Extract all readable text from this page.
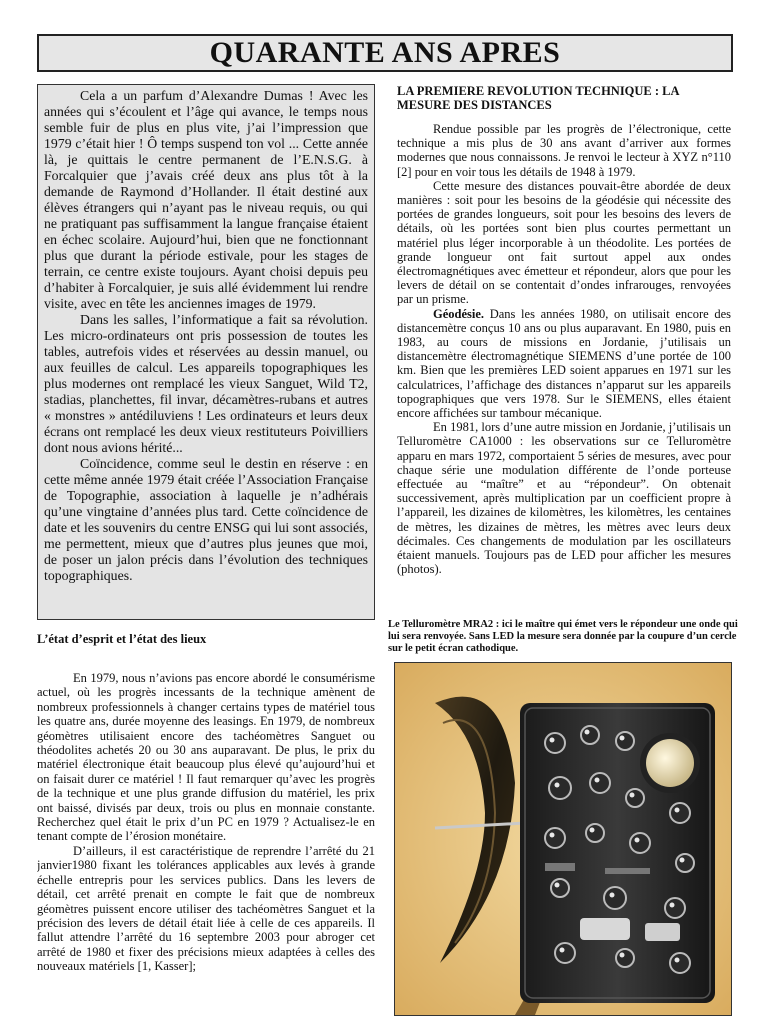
QUARANTE ANS APRES

Cela a un parfum d’Alexandre Dumas ! Avec les années qui s’écoulent et l’âge qui avance, le temps nous semble fuir de plus en plus vite, j’ai l’impression que 1979 c’était hier ! Ô temps suspend ton vol ... Cette année là, je quittais le centre permanent de l’E.N.S.G. à Forcalquier que j’avais créé deux ans plus tôt à la demande de Raymond d’Hollander. Il était destiné aux élèves étrangers qui n’ayant pas le niveau requis, ou qui ne pratiquant pas suffisamment la langue française étaient en échec scolaire. Aujourd’hui, bien que ne fonctionnant plus que durant la période estivale, pour les stages de terrain, ce centre existe toujours. Ayant choisi depuis peu d’habiter à Forcalquier, je suis allé évidemment lui rendre visite, avec en tête les anciennes images de 1979.

Dans les salles, l’informatique a fait sa révolution. Les micro-ordinateurs ont pris possession de toutes les tables, autrefois vides et réservées au dessin manuel, ou aux feuilles de calcul. Les appareils topographiques les plus modernes ont remplacé les vieux Sanguet, Wild T2, stadias, planchettes, fil invar, décamètres-rubans et autres « monstres » antédiluviens ! Les ordinateurs et leurs deux écrans ont remplacé les deux vieux restituteurs Poivilliers dont nous avions hérité...

Coïncidence, comme seul le destin en réserve : en cette même année 1979 était créée l’Association Française de Topographie, association à laquelle je n’adhérais qu’une vingtaine d’années plus tard. Cette coïncidence de date et les souvenirs du centre ENSG qui lui sont associés, me permettent, mieux que d’autres plus jeunes que moi, de poser un jalon précis dans l’évolution des techniques topographiques.

L’état d’esprit et l’état des lieux

En 1979, nous n’avions pas encore abordé le consumérisme actuel, où les progrès incessants de la technique amènent de nombreux professionnels à changer certains types de matériel tous les quatre ans, durée moyenne des leasings. En 1979, de nombreux géomètres utilisaient encore des tachéomètres Sanguet ou théodolites achetés 20 ou 30 ans auparavant. De plus, le prix du matériel électronique était beaucoup plus élevé qu’aujourd’hui et on faisait durer ce matériel ! Il faut remarquer qu’avec les progrès de la technique et une plus grande diffusion du matériel, les prix ont baissé, divisés par deux, trois ou plus en monnaie constante. Recherchez quel était le prix d’un PC en 1979 ? Actualisez-le en tenant compte de l’érosion monétaire.

D’ailleurs, il est caractéristique de reprendre l’arrêté du 21 janvier1980 fixant les tolérances applicables aux levés à grande échelle entrepris pour les services publics. Dans les levers de détail, cet arrêté prenait en compte le fait que de nombreux géomètres puissent encore utiliser des tachéomètres Sanguet et la précision des levers de détail était liée à celle de ces appareils. Il fallut attendre l’arrêté du 16 septembre 2003 pour abroger cet arrêté de 1980 et fixer des précisions mieux adaptées à celles des nouveaux matériels [1, Kasser];

LA PREMIERE REVOLUTION TECHNIQUE : LA MESURE DES DISTANCES

Rendue possible par les progrès de l’électronique, cette technique a mis plus de 30 ans avant d’arriver aux formes modernes que nous connaissons. Je renvoi le lecteur à XYZ n°110 [2] pour en voir tous les détails de 1948 à 1979.

Cette mesure des distances pouvait-être abordée de deux manières : soit pour les besoins de la géodésie qui nécessite des portées de grandes longueurs, soit pour les besoins des levers de détails, où les portées sont bien plus courtes permettant un matériel plus léger incorporable à un théodolite. Les portées de grande longueur ont fait surtout appel aux ondes électromagnétiques avec émetteur et répondeur, alors que pour les levers de détail on se contentait d’ondes infrarouges, renvoyées par un prisme.

Géodésie. Dans les années 1980, on utilisait encore des distancemètre conçus 10 ans ou plus auparavant. En 1980, puis en 1983, au cours de missions en Jordanie, j’utilisais un distancemètre électromagnétique SIEMENS d’une portée de 100 km. Bien que les premières LED soient apparues en 1971 sur les calculatrices, l’affichage des distances n’apparut sur les appareils topographiques que vers 1978. Sur le SIEMENS, elles étaient encore affichées sur tambour mécanique.

En 1981, lors d’une autre mission en Jordanie, j’utilisais un Telluromètre CA1000 : les observations sur ce Telluromètre apparu en mars 1972, comportaient 5 séries de mesures, avec pour chaque série une modulation différente de l’onde porteuse effectuée au “maître” et au “répondeur”. On obtenait successivement, après multiplication par un coefficient propre à l’appareil, les dizaines de kilomètres, les kilomètres, les centaines de mètres, les dizaines de mètres, les mètres avec leurs deux décimales. Ces changements de modulation par les oscillateurs étaient manuels. Toujours pas de LED pour afficher les mesures (photos).

Le Telluromètre MRA2 : ici le maître qui émet vers le répondeur une onde qui lui sera renvoyée. Sans LED la mesure sera donnée par la coupure d’un cercle sur le petit écran cathodique.
